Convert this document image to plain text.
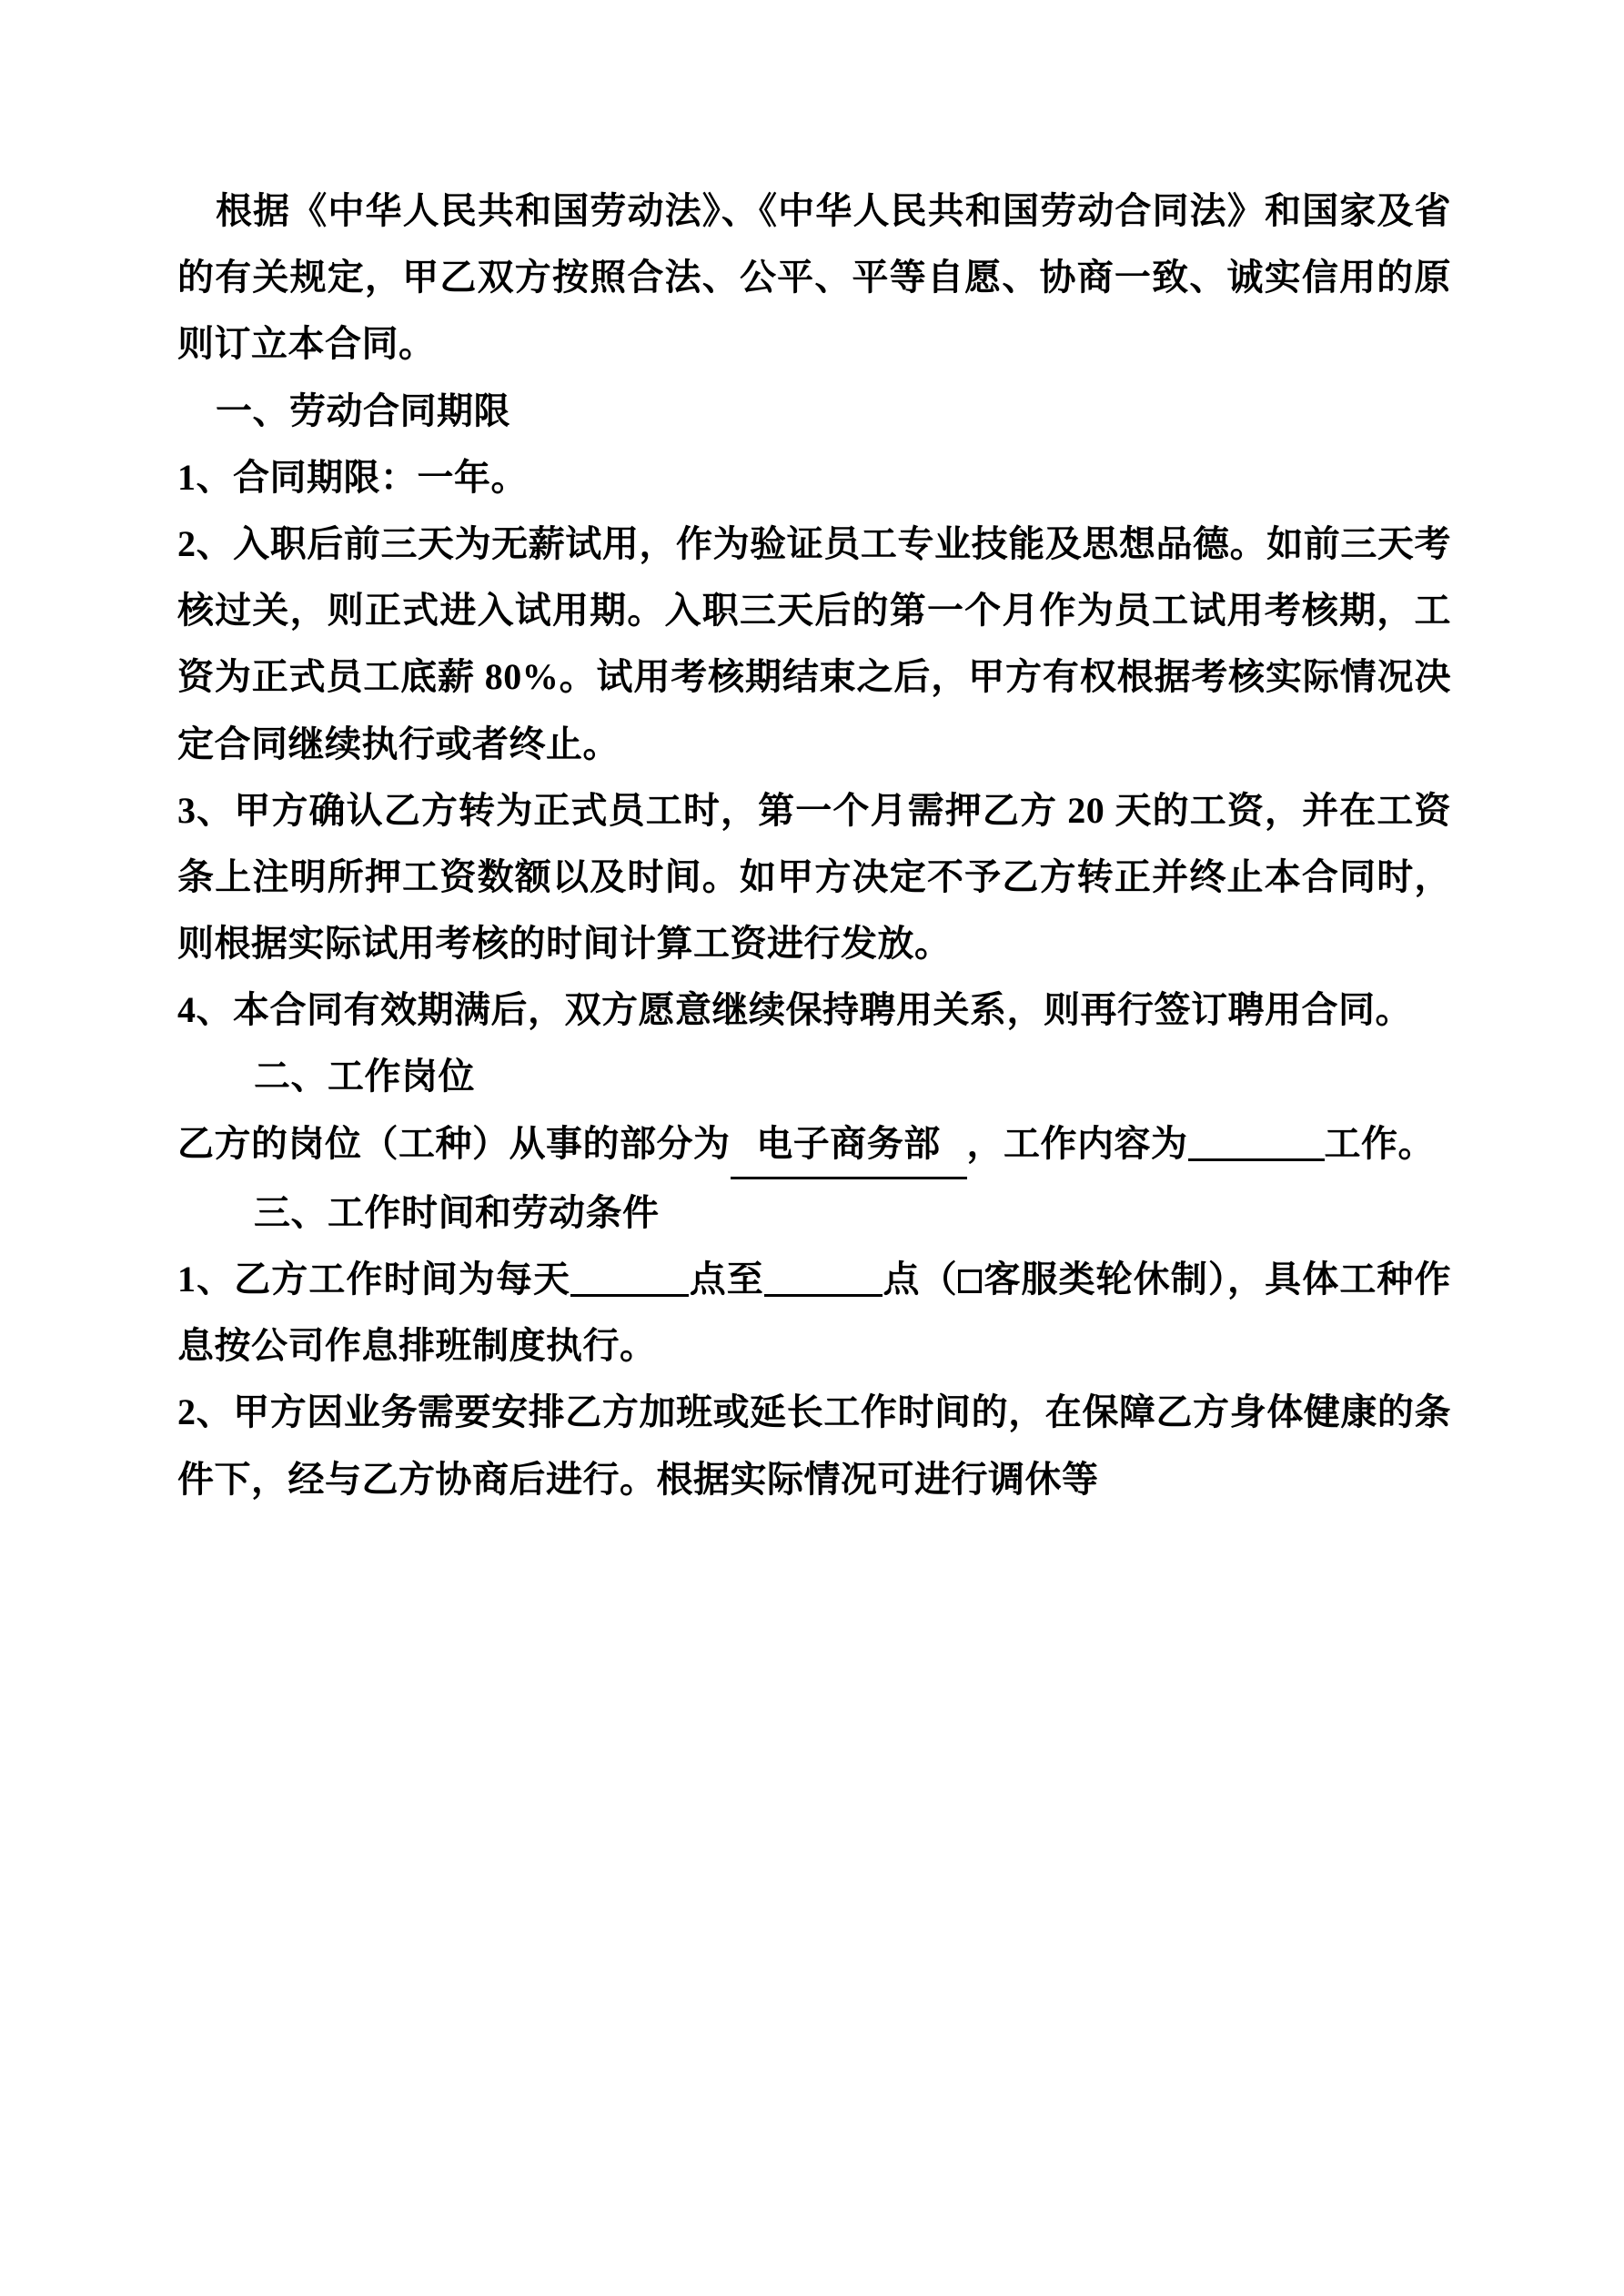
根据《中华人民共和国劳动法》、《中华人民共和国劳动合同法》和国家及省的有关规定，甲乙双方按照合法、公平、平等自愿、协商一致、诚实信用的原则订立本合同。

一、劳动合同期限

1、合同期限：一年。

2、入职后前三天为无薪试用，作为验证员工专业技能及思想品德。如前三天考核过关，则正式进入试用期。入职三天后的第一个月作为员工试用考核期，工资为正式员工底薪 80%。试用考核期结束之后，甲方有权根据考核实际情况决定合同继续执行或者终止。

3、甲方确认乙方转为正式员工时，第一个月需押乙方 20 天的工资，并在工资条上注明所押工资数额以及时间。如甲方决定不予乙方转正并终止本合同时，则根据实际试用考核的时间计算工资进行发放。

4、本合同有效期满后，双方愿意继续保持聘用关系，则再行签订聘用合同。

二、工作岗位

乙方的岗位（工种）从事的部分为 电子商务部 ，工作内容为	工作。

三、工作时间和劳动条件

1、乙方工作时间为每天	点至	点（ 客服类轮休制），具体工种作息按公司作息排班制度执行。

2、甲方因业务需要安排乙方加班或延长工作时间的，在保障乙方身体健康的条件下，经与乙方协商后进行。根据实际情况可进行调休等
